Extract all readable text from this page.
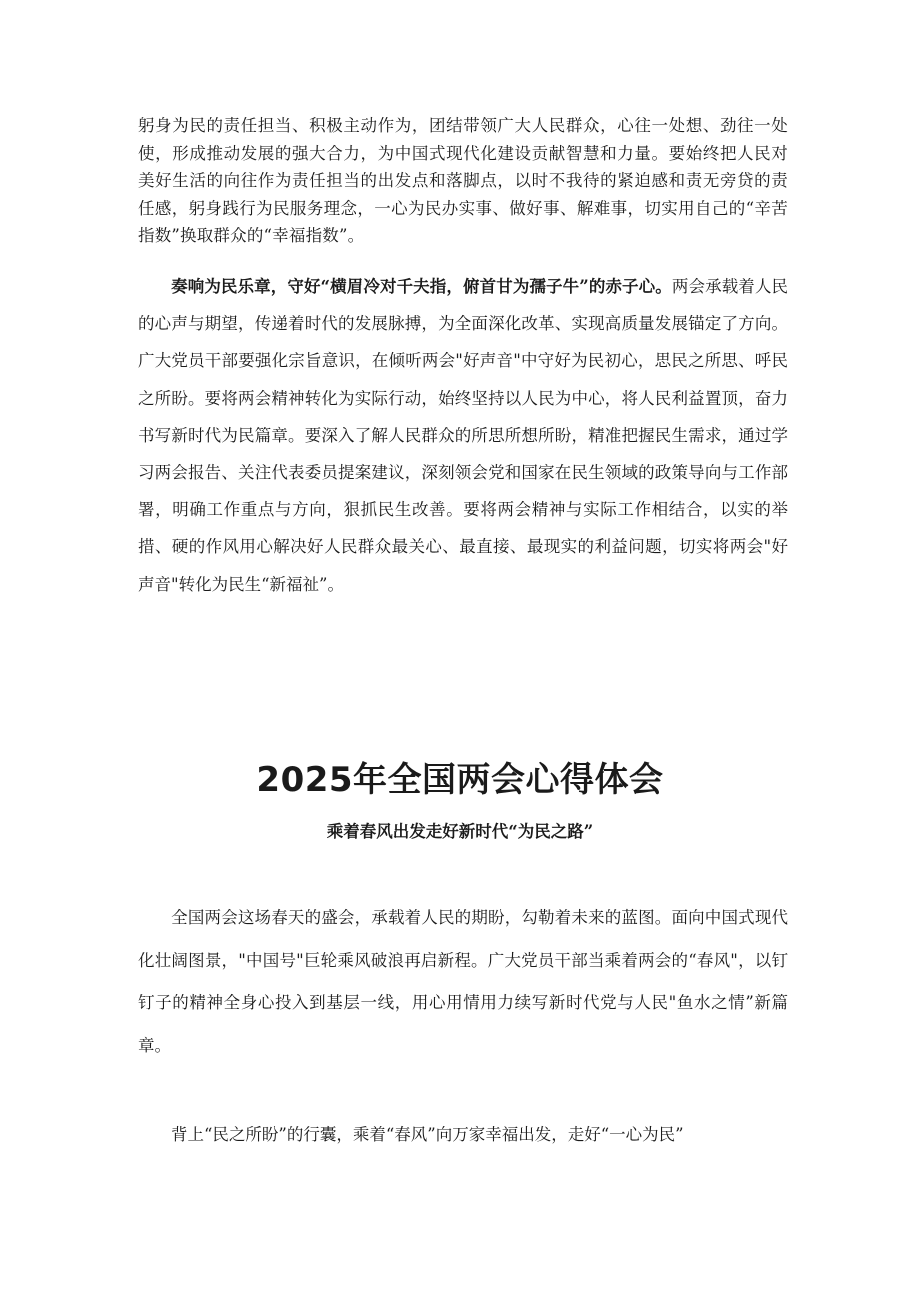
躬身为民的责任担当、积极主动作为，团结带领广大人民群众，心往一处想、劲往一处使，形成推动发展的强大合力，为中国式现代化建设贡献智慧和力量。要始终把人民对美好生活的向往作为责任担当的出发点和落脚点，以时不我待的紧迫感和责无旁贷的责任感，躬身践行为民服务理念，一心为民办实事、做好事、解难事，切实用自己的“辛苦指数”换取群众的“幸福指数”。

奏响为民乐章，守好“横眉冷对千夫指，俯首甘为孺子牛”的赤子心。两会承载着人民的心声与期望，传递着时代的发展脉搏，为全面深化改革、实现高质量发展锚定了方向。广大党员干部要强化宗旨意识，在倾听两会"好声音"中守好为民初心，思民之所思、呼民之所盼。要将两会精神转化为实际行动，始终坚持以人民为中心，将人民利益置顶，奋力书写新时代为民篇章。要深入了解人民群众的所思所想所盼，精准把握民生需求，通过学习两会报告、关注代表委员提案建议，深刻领会党和国家在民生领域的政策导向与工作部署，明确工作重点与方向，狠抓民生改善。要将两会精神与实际工作相结合，以实的举措、硬的作风用心解决好人民群众最关心、最直接、最现实的利益问题，切实将两会"好声音"转化为民生“新福祉”。

2025年全国两会心得体会
乘着春风出发走好新时代“为民之路”

全国两会这场春天的盛会，承载着人民的期盼，勾勒着未来的蓝图。面向中国式现代化壮阔图景，"中国号"巨轮乘风破浪再启新程。广大党员干部当乘着两会的“春风"，以钉钉子的精神全身心投入到基层一线，用心用情用力续写新时代党与人民"鱼水之情”新篇章。

背上“民之所盼”的行囊，乘着“春风”向万家幸福出发，走好“一心为民”
